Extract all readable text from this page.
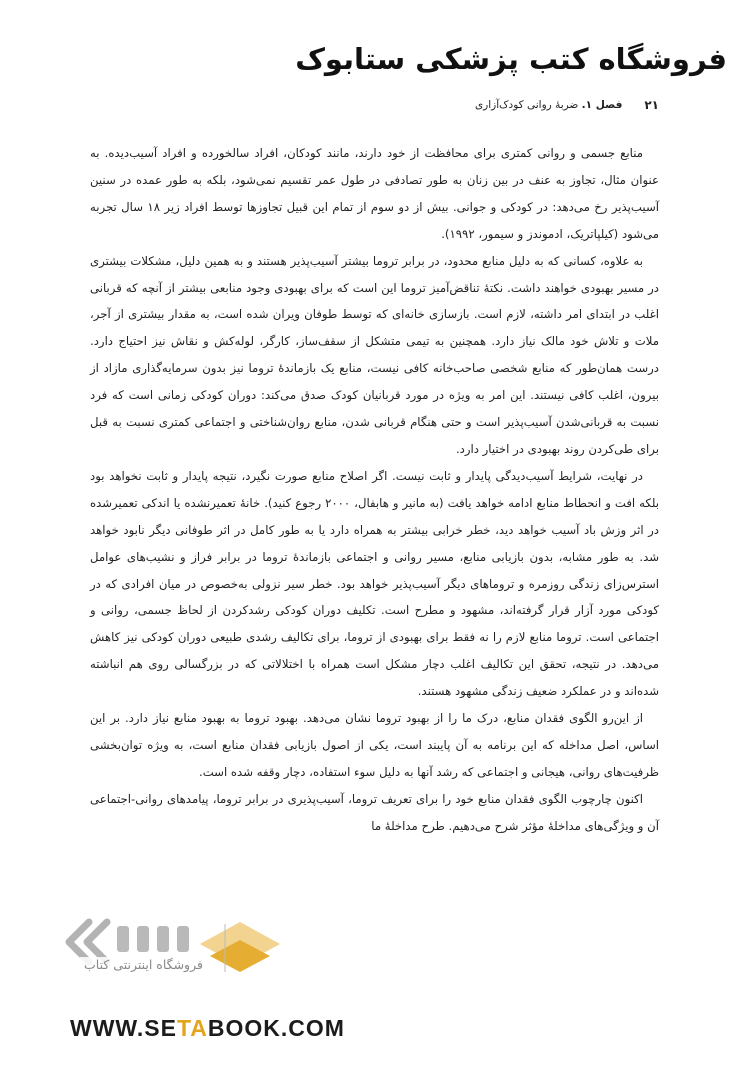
فروشگاه کتب پزشکی ستابوک
۲۱
فصل ۱. ضربهٔ روانی کودک‌آزاری

منابع جسمی و روانی کمتری برای محافظت از خود دارند، مانند کودکان، افراد سالخورده و افراد آسیب‌دیده. به عنوان مثال، تجاوز به عنف در بین زنان به طور تصادفی در طول عمر تقسیم نمی‌شود، بلکه به طور عمده در سنین آسیب‌پذیر رخ می‌دهد: در کودکی و جوانی. بیش از دو سوم از تمام این قبیل تجاوزها توسط افراد زیر ۱۸ سال تجربه می‌شود (کیلپاتریک، ادموندز و سیمور، ۱۹۹۲).

به علاوه، کسانی که به دلیل منابع محدود، در برابر تروما بیشتر آسیب‌پذیر هستند و به همین دلیل، مشکلات بیشتری در مسیر بهبودی خواهند داشت. نکتهٔ تناقض‌آمیز تروما این است که برای بهبودی وجود منابعی بیشتر از آنچه که قربانی اغلب در ابتدای امر داشته، لازم است. بازسازی خانه‌ای که توسط طوفان ویران شده است، به مقدار بیشتری از آجر، ملات و تلاش خود مالک نیاز دارد. همچنین به تیمی متشکل از سقف‌ساز، کارگر، لوله‌کش و نقاش نیز احتیاج دارد. درست همان‌طور که منابع شخصی صاحب‌خانه کافی نیست، منابع یک بازماندهٔ تروما نیز بدون سرمایه‌گذاری مازاد از بیرون، اغلب کافی نیستند. این امر به ویژه در مورد قربانیان کودک صدق می‌کند: دوران کودکی زمانی است که فرد نسبت به قربانی‌شدن آسیب‌پذیر است و حتی هنگام قربانی شدن، منابع روان‌شناختی و اجتماعی کمتری نسبت به قبل برای طی‌کردن روند بهبودی در اختیار دارد.

در نهایت، شرایط آسیب‌دیدگی پایدار و ثابت نیست. اگر اصلاح منابع صورت نگیرد، نتیجه پایدار و ثابت نخواهد بود بلکه افت و انحطاط منابع ادامه خواهد یافت (به مانیر و هابفال، ۲۰۰۰ رجوع کنید). خانهٔ تعمیرنشده یا اندکی تعمیرشده در اثر وزش باد آسیب خواهد دید، خطر خرابی بیشتر به همراه دارد یا به طور کامل در اثر طوفانی دیگر نابود خواهد شد. به طور مشابه، بدون بازیابی منابع، مسیر روانی و اجتماعی بازماندهٔ تروما در برابر فراز و نشیب‌های عوامل استرس‌زای زندگی روزمره و تروماهای دیگر آسیب‌پذیر خواهد بود. خطر سیر نزولی به‌خصوص در میان افرادی که در کودکی مورد آزار قرار گرفته‌اند، مشهود و مطرح است. تکلیف دوران کودکی رشدکردن از لحاظ جسمی، روانی و اجتماعی است. تروما منابع لازم را نه فقط برای بهبودی از تروما، برای تکالیف رشدی طبیعی دوران کودکی نیز کاهش می‌دهد. در نتیجه، تحقق این تکالیف اغلب دچار مشکل است همراه با اختلالاتی که در بزرگسالی روی هم انباشته شده‌اند و در عملکرد ضعیف زندگی مشهود هستند.

از این‌رو الگوی فقدان منابع، درک ما را از بهبود تروما نشان می‌دهد. بهبود تروما به بهبود منابع نیاز دارد. بر این اساس، اصل مداخله که این برنامه به آن پایبند است، یکی از اصول بازیابی فقدان منابع است، به ویژه توان‌بخشی ظرفیت‌های روانی، هیجانی و اجتماعی که رشد آنها به دلیل سوء استفاده، دچار وقفه شده است.

اکنون چارچوب الگوی فقدان منابع خود را برای تعریف تروما، آسیب‌پذیری در برابر تروما، پیامدهای روانی-اجتماعی آن و ویژگی‌های مداخلهٔ مؤثر شرح می‌دهیم. طرح مداخلهٔ ما

فروشگاه اینترنتی کتاب
WWW.SETABOOK.COM
